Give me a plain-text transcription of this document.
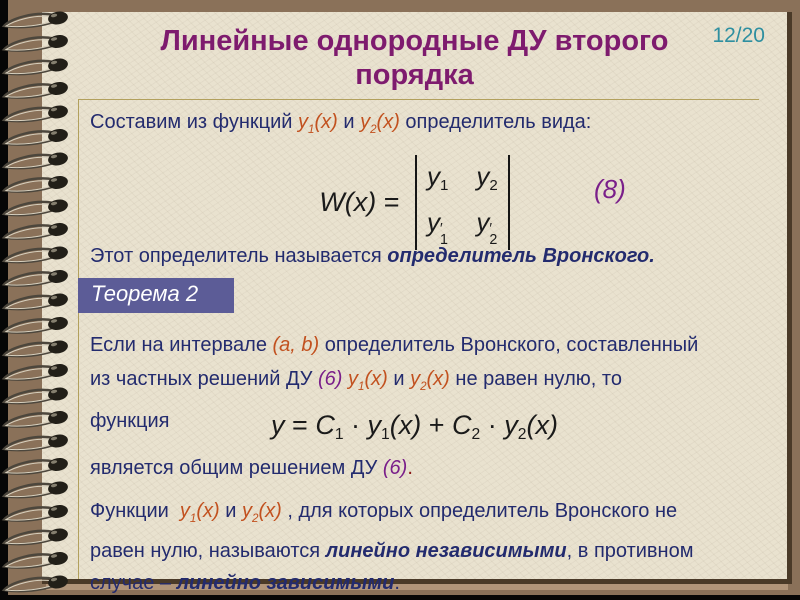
Линейные однородные ДУ второго порядка
12/20

Составим из функций $y_1(x)$ и $y_2(x)$ определитель вида:

W(x) =
$y_1$ $y_2$
y ′
1
y ′
2
(8)

Этот определитель называется определитель Вронского.

Теорема 2

Если на интервале (a, b) определитель Вронского, составленный
из частных решений ДУ (6) $y_1(x)$ и $y_2(x)$ не равен нулю, то
функция	$y = C_1 \cdot y_1(x) + C_2 \cdot y_2(x)$

является общим решением ДУ (6).

Функции  $y_1(x)$ и $y_2(x)$ , для которых определитель Вронского не
равен нулю, называются линейно независимыми, в противном
случае – линейно зависимыми.
